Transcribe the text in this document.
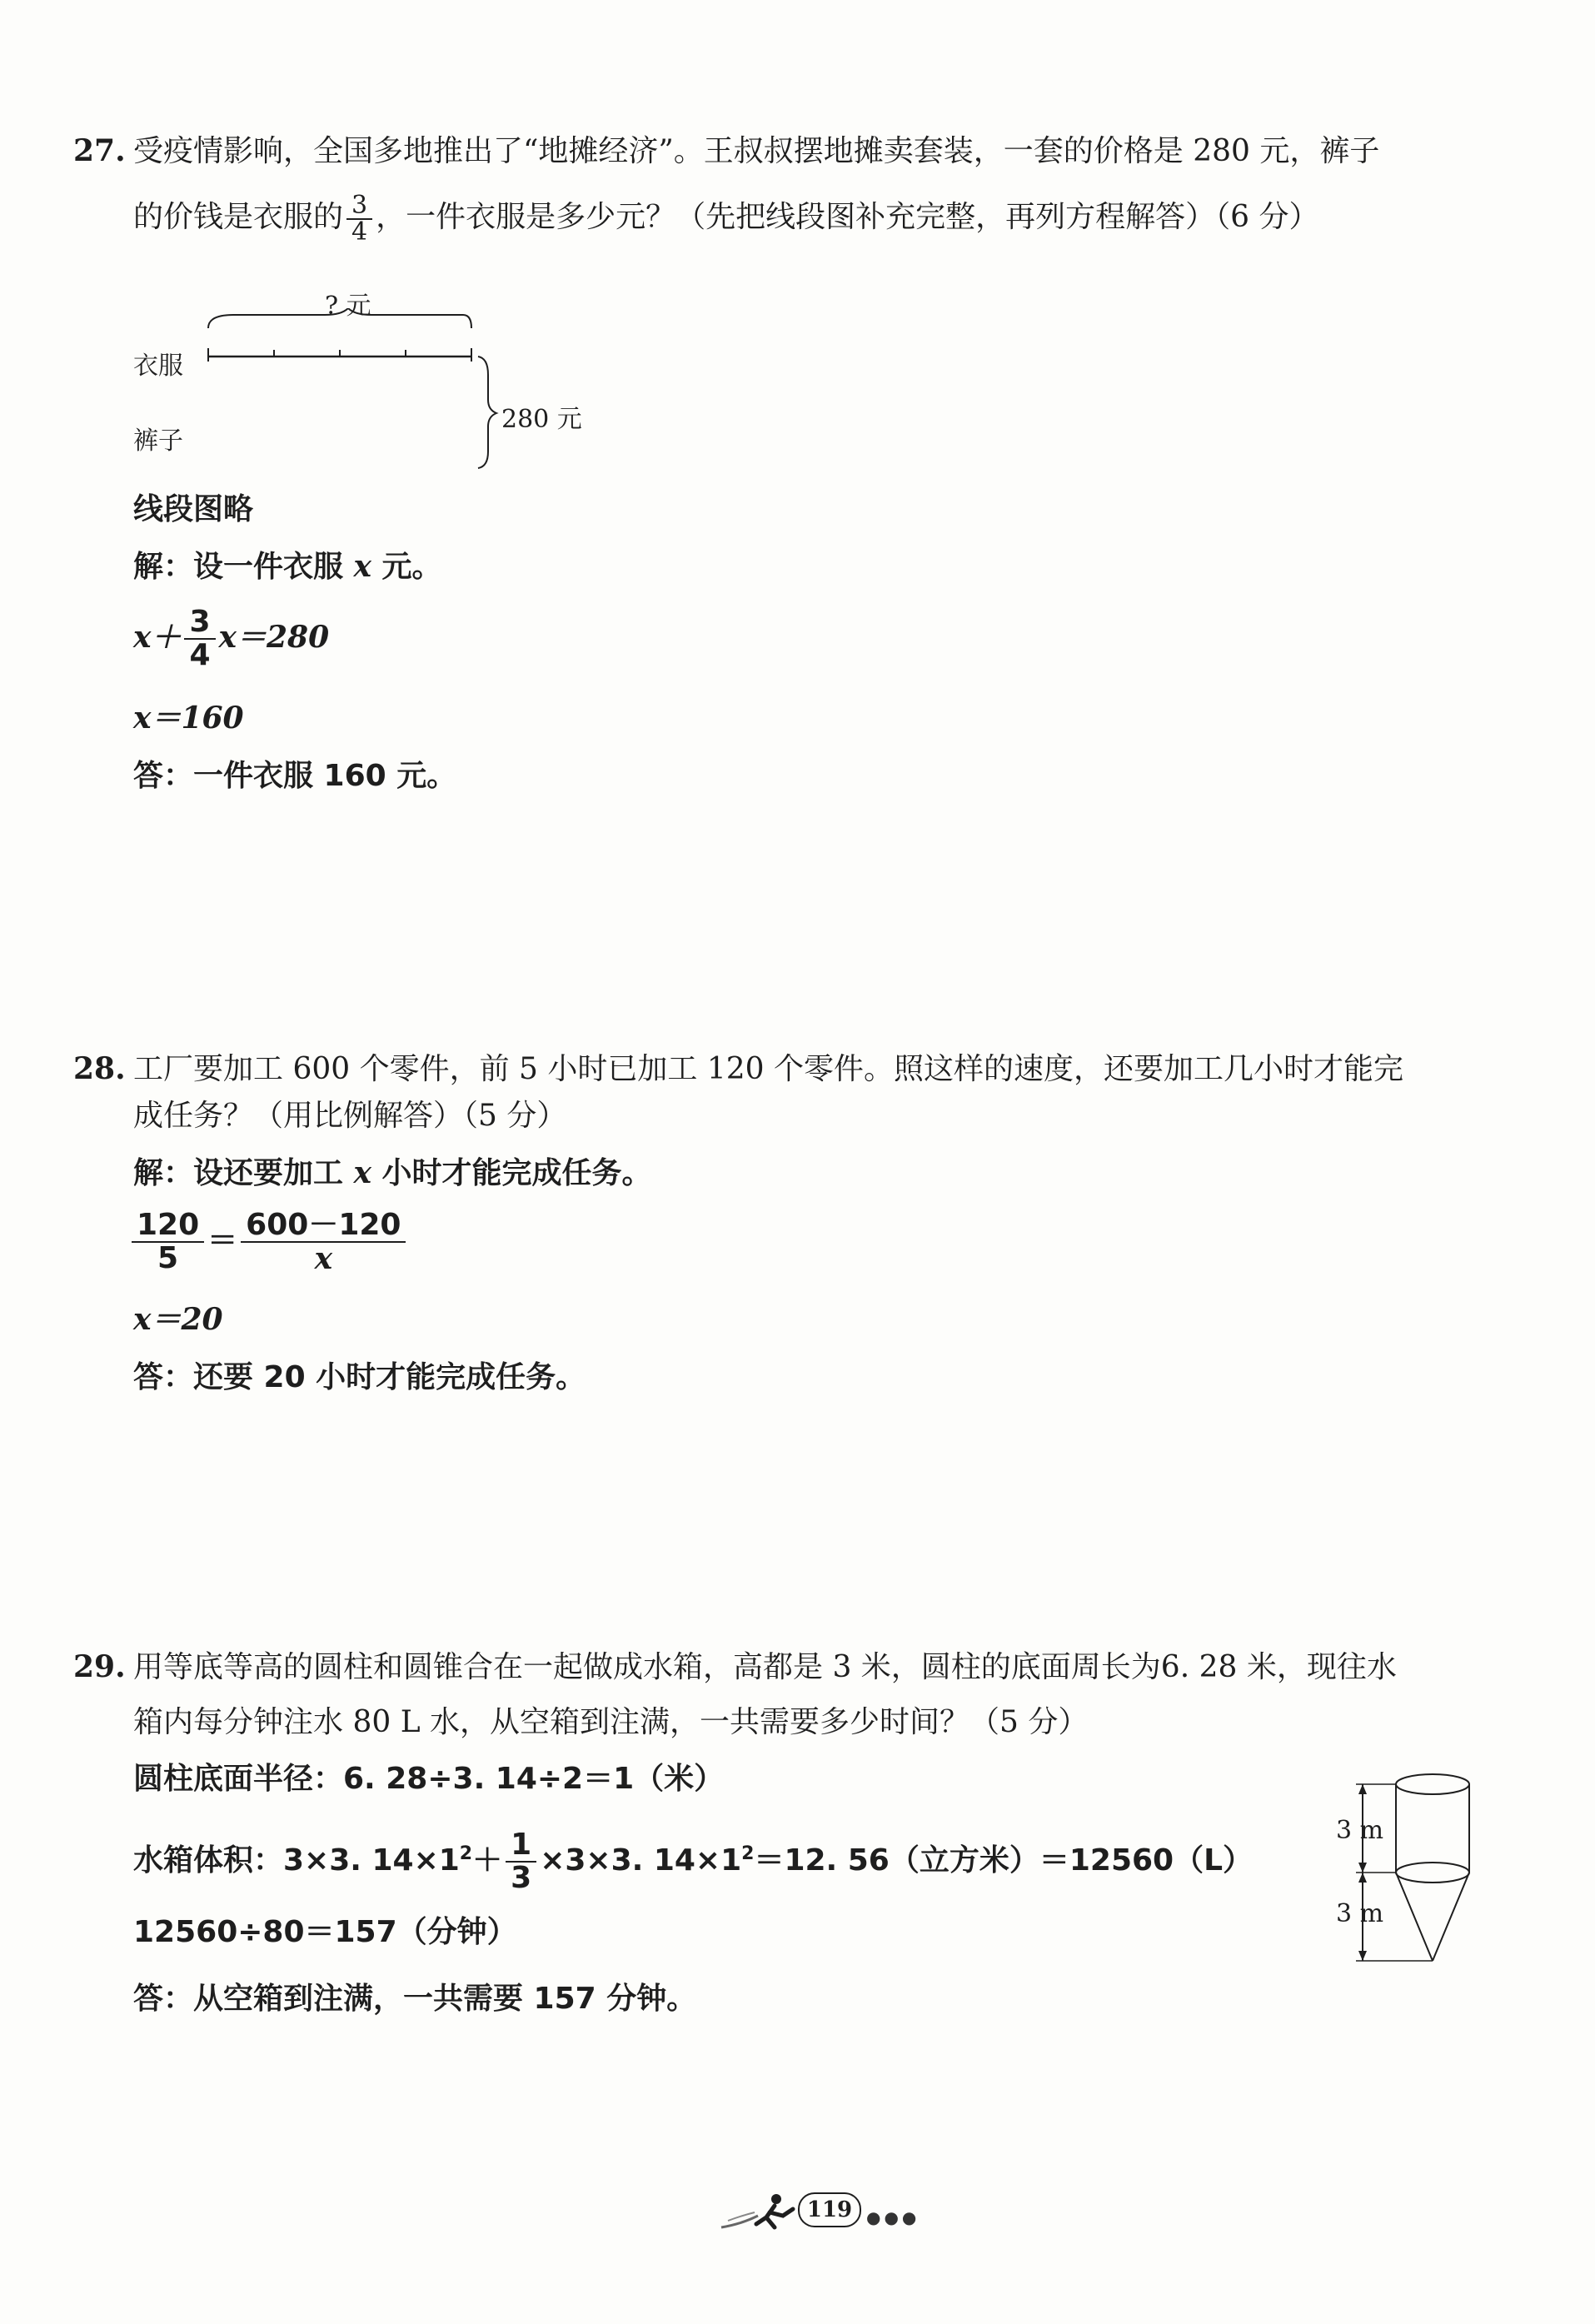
27. 受疫情影响，全国多地推出了“地摊经济”。王叔叔摆地摊卖套装，一套的价格是 280 元，裤子
的价钱是衣服的 $\frac{3}{4}$ ，一件衣服是多少元？（先把线段图补充完整，再列方程解答）（6 分）
? 元
衣服
裤子
280 元
线段图略
解：设一件衣服 x 元。
$x+ \frac{3}{4} x=280$
x＝160
答：一件衣服 160 元。
28. 工厂要加工 600 个零件，前 5 小时已加工 120 个零件。照这样的速度，还要加工几小时才能完
成任务？（用比例解答）（5 分）
解：设还要加工 x 小时才能完成任务。
$\frac{120}{5} = \frac{600-120}{x}$
x＝20
答：还要 20 小时才能完成任务。
29. 用等底等高的圆柱和圆锥合在一起做成水箱，高都是 3 米，圆柱的底面周长为6. 28 米，现往水
箱内每分钟注水 80 L 水，从空箱到注满，一共需要多少时间？（5 分）
圆柱底面半径：6. 28÷3. 14÷2＝1（米）
水箱体积：3×3. $14\times 1^2+ \frac{1}{3} \times 3\times 3$. $14\times 1^2=12$. 56（立方米）＝12560（L）
12560÷80＝157（分钟）
答：从空箱到注满，一共需要 157 分钟。
3 m
3 m
119 ●●●
